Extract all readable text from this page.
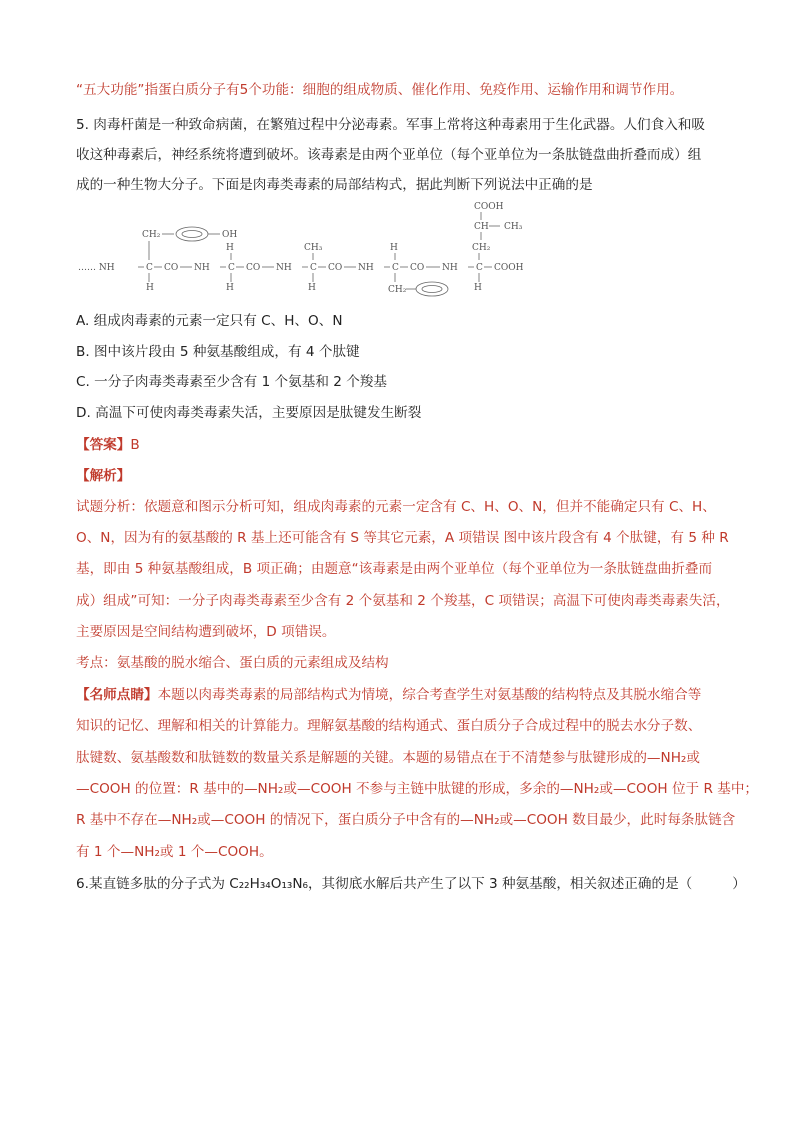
“五大功能”指蛋白质分子有5个功能：细胞的组成物质、催化作用、免疫作用、运输作用和调节作用。
5. 肉毒杆菌是一种致命病菌，在繁殖过程中分泌毒素。军事上常将这种毒素用于生化武器。人们食入和吸
收这种毒素后，神经系统将遭到破坏。该毒素是由两个亚单位（每个亚单位为一条肽链盘曲折叠而成）组
成的一种生物大分子。下面是肉毒类毒素的局部结构式，据此判断下列说法中正确的是
…… NH	C CO NH C CO NH C CO NH C CO NH C COOH
CH₂
H
OH
H
H
CH₃
H
H
CH₂
COOH
CH CH₃
CH₂
H
A. 组成肉毒素的元素一定只有 C、H、O、N
B. 图中该片段由 5 种氨基酸组成，有 4 个肽键
C. 一分子肉毒类毒素至少含有 1 个氨基和 2 个羧基
D. 高温下可使肉毒类毒素失活，主要原因是肽键发生断裂
【答案】B
【解析】
试题分析：依题意和图示分析可知，组成肉毒素的元素一定含有 C、H、O、N，但并不能确定只有 C、H、
O、N，因为有的氨基酸的 R 基上还可能含有 S 等其它元素，A 项错误 图中该片段含有 4 个肽键，有 5 种 R
基，即由 5 种氨基酸组成，B 项正确；由题意“该毒素是由两个亚单位（每个亚单位为一条肽链盘曲折叠而
成）组成”可知：一分子肉毒类毒素至少含有 2 个氨基和 2 个羧基，C 项错误；高温下可使肉毒类毒素失活，
主要原因是空间结构遭到破坏，D 项错误。
考点：氨基酸的脱水缩合、蛋白质的元素组成及结构
【名师点睛】本题以肉毒类毒素的局部结构式为情境，综合考查学生对氨基酸的结构特点及其脱水缩合等
知识的记忆、理解和相关的计算能力。理解氨基酸的结构通式、蛋白质分子合成过程中的脱去水分子数、
肽键数、氨基酸数和肽链数的数量关系是解题的关键。本题的易错点在于不清楚参与肽键形成的—NH₂或
—COOH 的位置：R 基中的—NH₂或—COOH 不参与主链中肽键的形成，多余的—NH₂或—COOH 位于 R 基中；
R 基中不存在—NH₂或—COOH 的情况下，蛋白质分子中含有的—NH₂或—COOH 数目最少，此时每条肽链含
有 1 个—NH₂或 1 个—COOH。
6.某直链多肽的分子式为 C₂₂H₃₄O₁₃N₆，其彻底水解后共产生了以下 3 种氨基酸，相关叙述正确的是（	）
